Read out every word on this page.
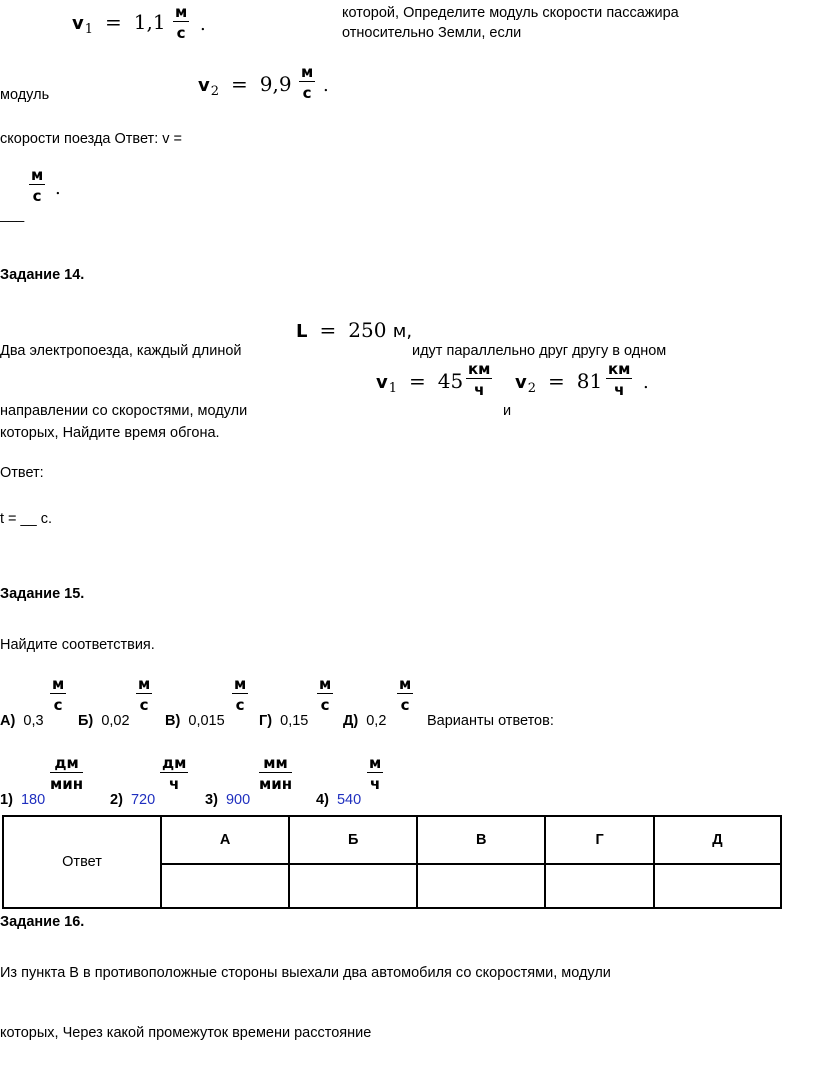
$v_1 = 1,1$ м
с .
которой, Определите модуль скорости пассажира
относительно Земли, если
$v_2 = 9,9$ м
с .
модуль
скорости поезда Ответ: v =
м
с .
___
Задание 14.
L = 250 м,
Два электропоезда, каждый длиной	идут параллельно друг другу в одном
$v_1 = 45$ км
ч	$v_2 = 81$ км
ч	.
направлении со скоростями, модули	и
которых, Найдите время обгона.
Ответ:
t = __ с.
Задание 15.
Найдите соответствия.
м
с
м
с
м
с
м
с
м
с
А) 0,3 Б) 0,02 В) 0,015 Г) 0,15 Д) 0,2	Варианты ответов:
дм
мин
дм
ч
мм
мин
м
ч
1) 180	2) 720	3) 900	4) 540
Ответ	А	Б	В	Г	Д

Задание 16.
Из пункта В в противоположные стороны выехали два автомобиля со скоростями, модули
которых, Через какой промежуток времени расстояние
